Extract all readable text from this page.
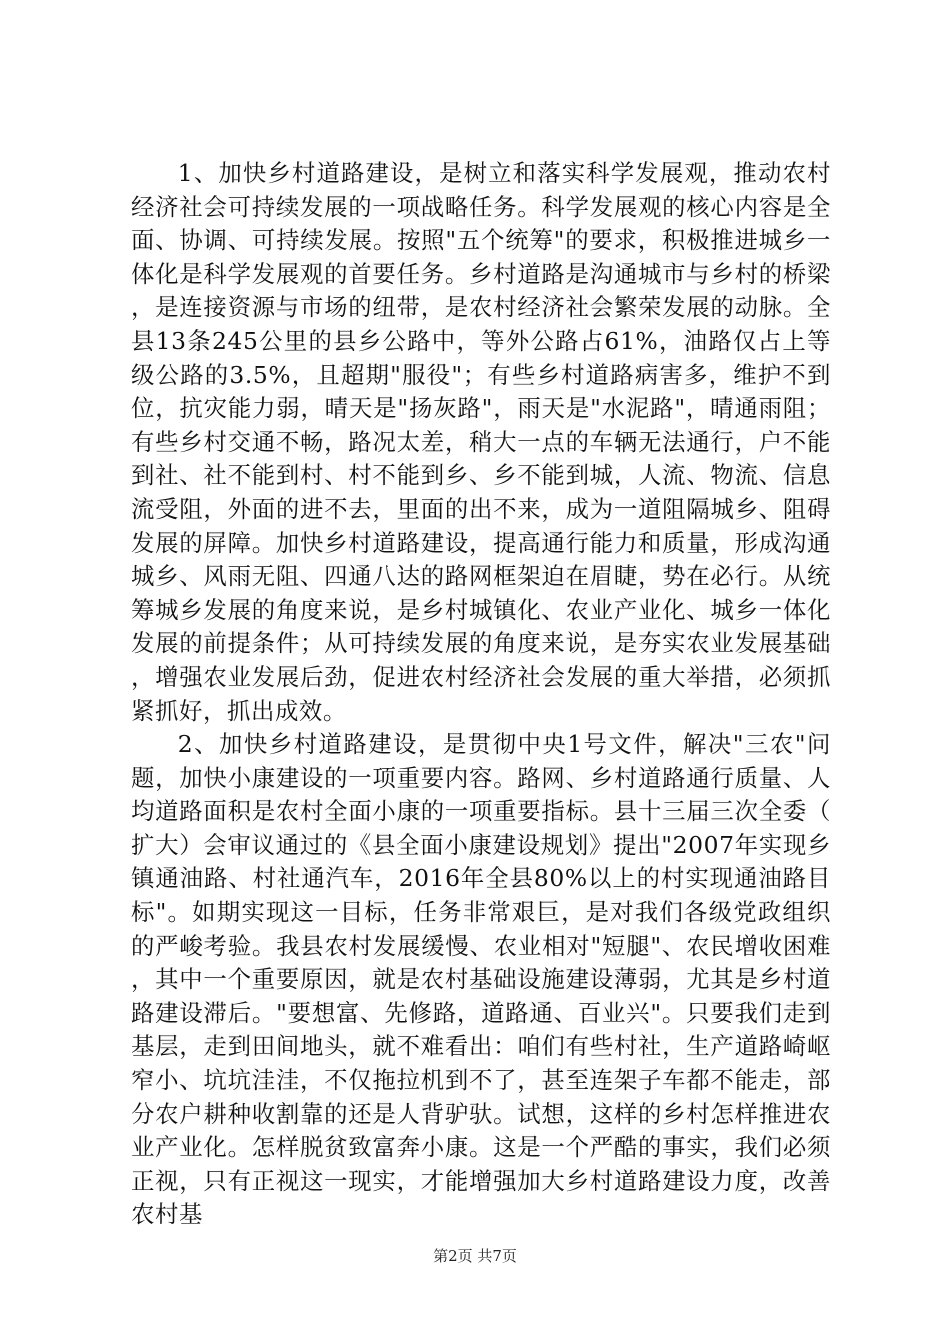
1、加快乡村道路建设，是树立和落实科学发展观，推动农村经济社会可持续发展的一项战略任务。科学发展观的核心内容是全面、协调、可持续发展。按照"五个统筹"的要求，积极推进城乡一体化是科学发展观的首要任务。乡村道路是沟通城市与乡村的桥梁，是连接资源与市场的纽带，是农村经济社会繁荣发展的动脉。全县13条245公里的县乡公路中，等外公路占61%，油路仅占上等级公路的3.5%，且超期"服役"；有些乡村道路病害多，维护不到位，抗灾能力弱，晴天是"扬灰路"，雨天是"水泥路"，晴通雨阻；有些乡村交通不畅，路况太差，稍大一点的车辆无法通行，户不能到社、社不能到村、村不能到乡、乡不能到城，人流、物流、信息流受阻，外面的进不去，里面的出不来，成为一道阻隔城乡、阻碍发展的屏障。加快乡村道路建设，提高通行能力和质量，形成沟通城乡、风雨无阻、四通八达的路网框架迫在眉睫，势在必行。从统筹城乡发展的角度来说，是乡村城镇化、农业产业化、城乡一体化发展的前提条件；从可持续发展的角度来说，是夯实农业发展基础，增强农业发展后劲，促进农村经济社会发展的重大举措，必须抓紧抓好，抓出成效。

2、加快乡村道路建设，是贯彻中央1号文件，解决"三农"问题，加快小康建设的一项重要内容。路网、乡村道路通行质量、人均道路面积是农村全面小康的一项重要指标。县十三届三次全委（扩大）会审议通过的《县全面小康建设规划》提出"2007年实现乡镇通油路、村社通汽车，2016年全县80%以上的村实现通油路目标"。如期实现这一目标，任务非常艰巨，是对我们各级党政组织的严峻考验。我县农村发展缓慢、农业相对"短腿"、农民增收困难，其中一个重要原因，就是农村基础设施建设薄弱，尤其是乡村道路建设滞后。"要想富、先修路，道路通、百业兴"。只要我们走到基层，走到田间地头，就不难看出：咱们有些村社，生产道路崎岖窄小、坑坑洼洼，不仅拖拉机到不了，甚至连架子车都不能走，部分农户耕种收割靠的还是人背驴驮。试想，这样的乡村怎样推进农业产业化。怎样脱贫致富奔小康。这是一个严酷的事实，我们必须正视，只有正视这一现实，才能增强加大乡村道路建设力度，改善农村基

第2页 共7页
